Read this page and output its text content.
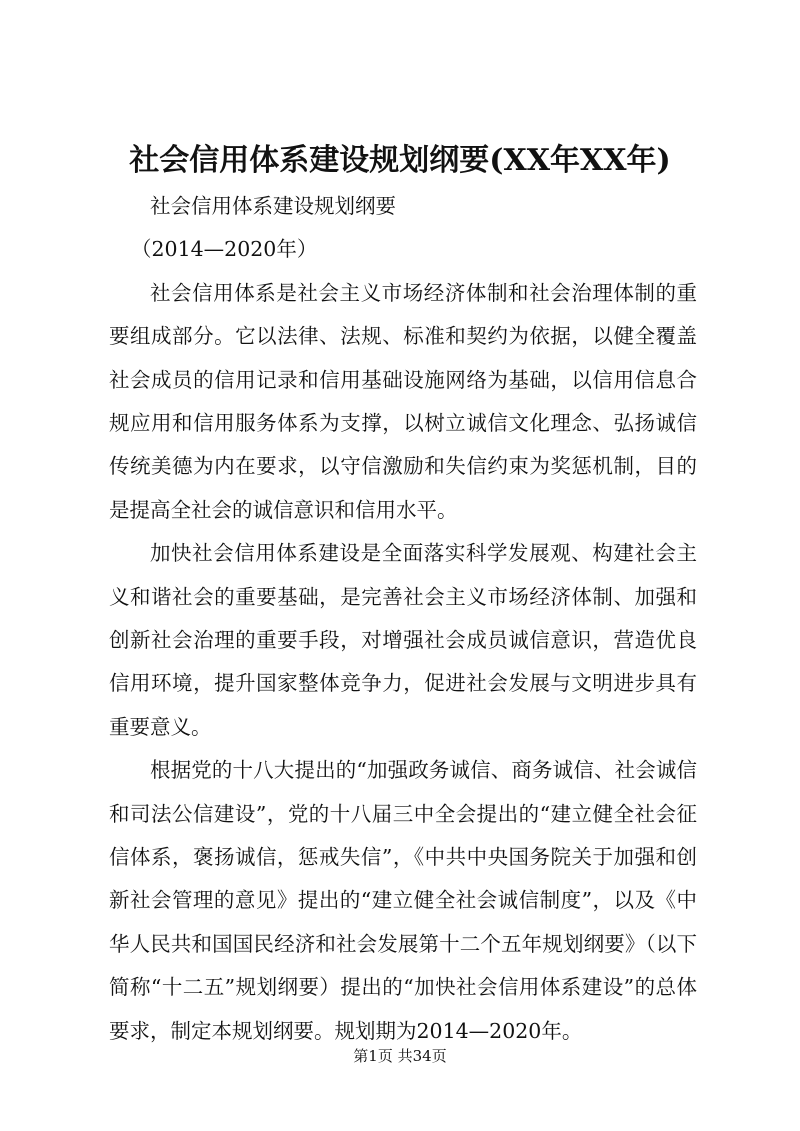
社会信用体系建设规划纲要(XX年XX年)
社会信用体系建设规划纲要
（2014—2020年）
社会信用体系是社会主义市场经济体制和社会治理体制的重要组成部分。它以法律、法规、标准和契约为依据，以健全覆盖社会成员的信用记录和信用基础设施网络为基础，以信用信息合规应用和信用服务体系为支撑，以树立诚信文化理念、弘扬诚信传统美德为内在要求，以守信激励和失信约束为奖惩机制，目的是提高全社会的诚信意识和信用水平。
加快社会信用体系建设是全面落实科学发展观、构建社会主义和谐社会的重要基础，是完善社会主义市场经济体制、加强和创新社会治理的重要手段，对增强社会成员诚信意识，营造优良信用环境，提升国家整体竞争力，促进社会发展与文明进步具有重要意义。
根据党的十八大提出的“加强政务诚信、商务诚信、社会诚信和司法公信建设”，党的十八届三中全会提出的“建立健全社会征信体系，褒扬诚信，惩戒失信”，《中共中央国务院关于加强和创新社会管理的意见》提出的“建立健全社会诚信制度”，以及《中华人民共和国国民经济和社会发展第十二个五年规划纲要》（以下简称“十二五”规划纲要）提出的“加快社会信用体系建设”的总体要求，制定本规划纲要。规划期为2014—2020年。
第1页 共34页
